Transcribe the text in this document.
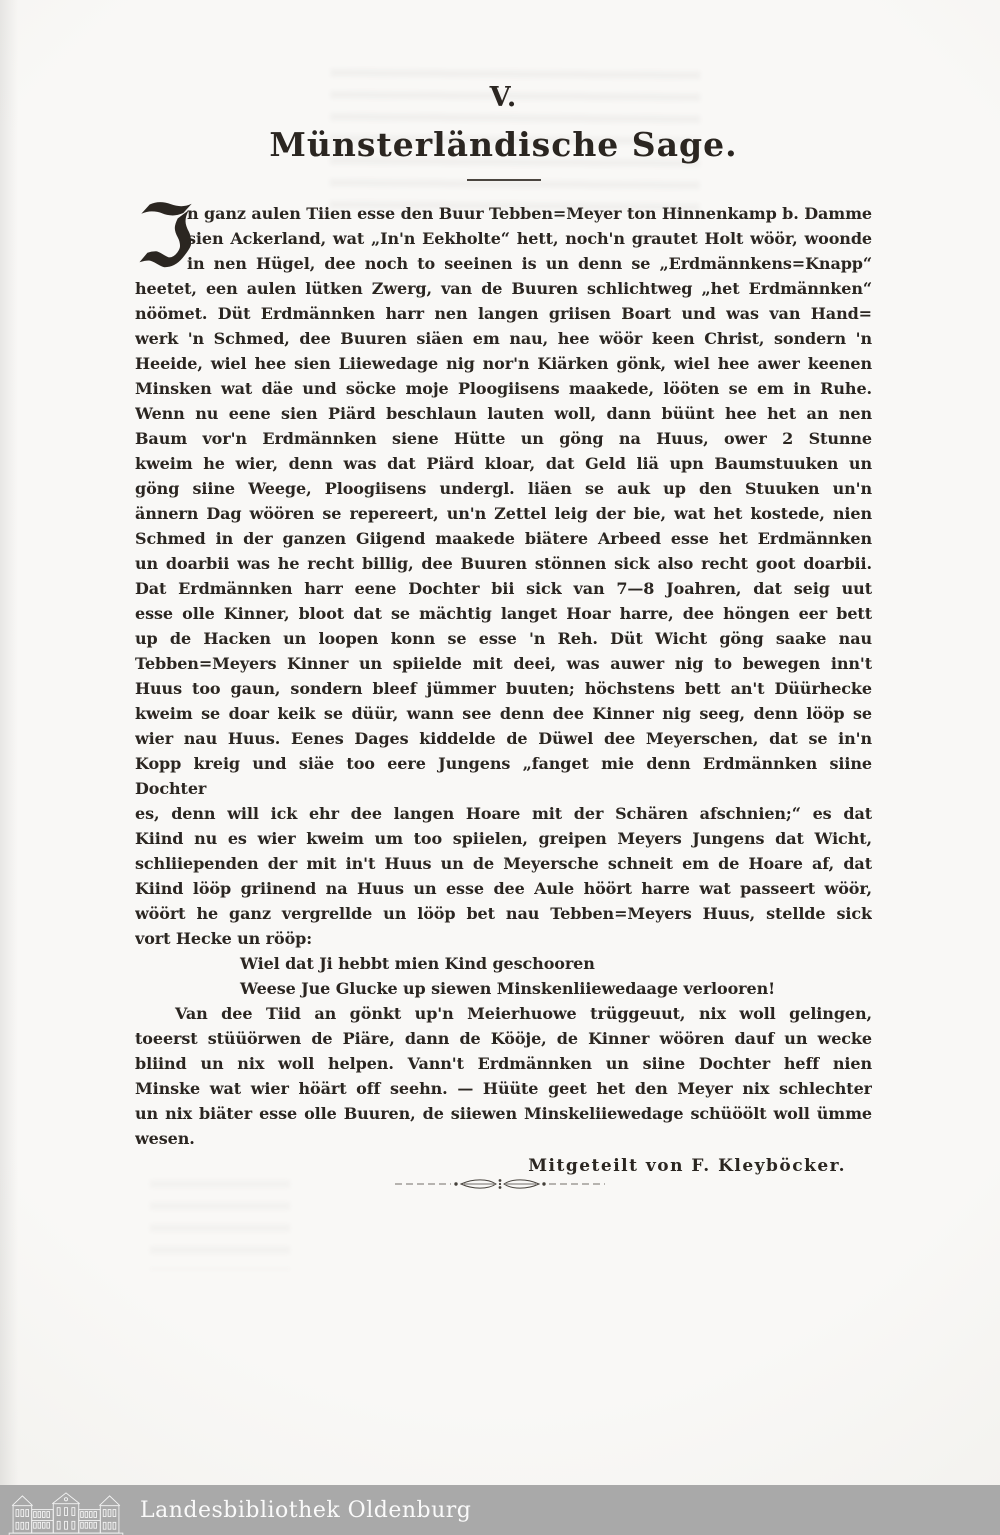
V.
Münsterländische Sage.
ℑ
n ganz aulen Tiien esse den Buur Tebben=Meyer ton Hinnenkamp b. Damme
sien Ackerland, wat „In'n Eekholte“ hett, noch'n grautet Holt wöör, woonde
in nen Hügel, dee noch to seeinen is un denn se „Erdmännkens=Knapp“
heetet, een aulen lütken Zwerg, van de Buuren schlichtweg „het Erdmännken“
nöömet. Düt Erdmännken harr nen langen griisen Boart und was van Hand=
werk 'n Schmed, dee Buuren siäen em nau, hee wöör keen Christ, sondern 'n
Heeide, wiel hee sien Liiewedage nig nor'n Kiärken gönk, wiel hee awer keenen
Minsken wat däe und söcke moje Ploogiisens maakede, lööten se em in Ruhe.
Wenn nu eene sien Piärd beschlaun lauten woll, dann büünt hee het an nen
Baum vor'n Erdmännken siene Hütte un göng na Huus, ower 2 Stunne
kweim he wier, denn was dat Piärd kloar, dat Geld liä upn Baumstuuken un
göng siine Weege, Ploogiisens undergl. liäen se auk up den Stuuken un'n
ännern Dag wöören se repereert, un'n Zettel leig der bie, wat het kostede, nien
Schmed in der ganzen Giigend maakede biätere Arbeed esse het Erdmännken
un doarbii was he recht billig, dee Buuren stönnen sick also recht goot doarbii.
Dat Erdmännken harr eene Dochter bii sick van 7—8 Joahren, dat seig uut
esse olle Kinner, bloot dat se mächtig langet Hoar harre, dee höngen eer bett
up de Hacken un loopen konn se esse 'n Reh. Düt Wicht göng saake nau
Tebben=Meyers Kinner un spiielde mit deei, was auwer nig to bewegen inn't
Huus too gaun, sondern bleef jümmer buuten; höchstens bett an't Düürhecke
kweim se doar keik se düür, wann see denn dee Kinner nig seeg, denn lööp se
wier nau Huus. Eenes Dages kiddelde de Düwel dee Meyerschen, dat se in'n
Kopp kreig und siäe too eere Jungens „fanget mie denn Erdmännken siine Dochter
es, denn will ick ehr dee langen Hoare mit der Schären afschnien;“ es dat
Kiind nu es wier kweim um too spiielen, greipen Meyers Jungens dat Wicht,
schliiependen der mit in't Huus un de Meyersche schneit em de Hoare af, dat
Kiind lööp griinend na Huus un esse dee Aule höört harre wat passeert wöör,
wöört he ganz vergrellde un lööp bet nau Tebben=Meyers Huus, stellde sick
vort Hecke un rööp:
Wiel dat Ji hebbt mien Kind geschooren
Weese Jue Glucke up siewen Minskenliiewedaage verlooren!
Van dee Tiid an gönkt up'n Meierhuowe trüggeuut, nix woll gelingen,
toeerst stüüörwen de Piäre, dann de Kööje, de Kinner wöören dauf un wecke
bliind un nix woll helpen. Vann't Erdmännken un siine Dochter heff nien
Minske wat wier höärt off seehn. — Hüüte geet het den Meyer nix schlechter
un nix biäter esse olle Buuren, de siiewen Minskeliiewedage schüöölt woll ümme
wesen.
Mitgeteilt von F. Kleyböcker.
Landesbibliothek Oldenburg
